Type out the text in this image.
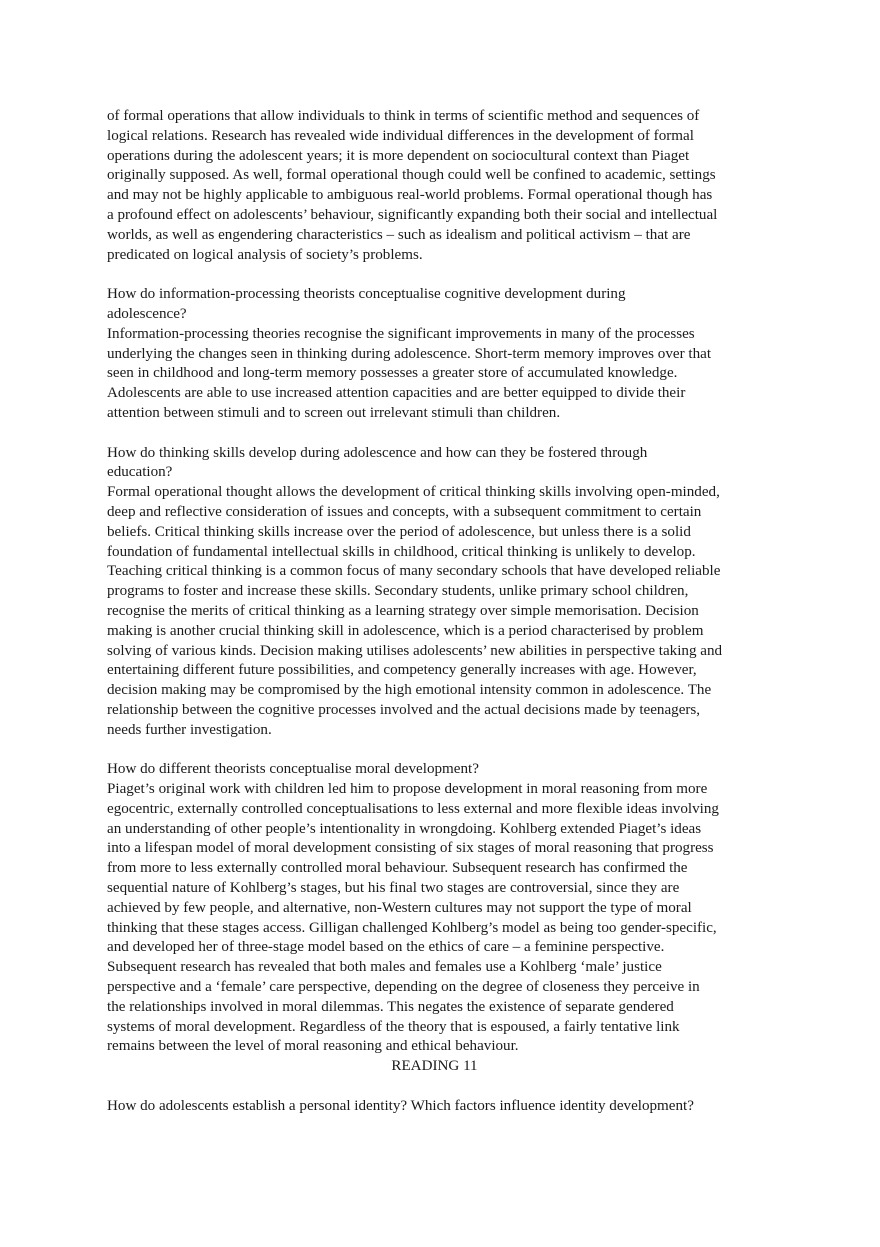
of formal operations that allow individuals to think in terms of scientific method and sequences of
logical relations. Research has revealed wide individual differences in the development of formal
operations during the adolescent years; it is more dependent on sociocultural context than Piaget
originally supposed. As well, formal operational though could well be confined to academic, settings
and may not be highly applicable to ambiguous real-world problems. Formal operational though has
a profound effect on adolescents’ behaviour, significantly expanding both their social and intellectual
worlds, as well as engendering characteristics – such as idealism and political activism – that are
predicated on logical analysis of society’s problems.
How do information-processing theorists conceptualise cognitive development during
adolescence?
Information-processing theories recognise the significant improvements in many of the processes
underlying the changes seen in thinking during adolescence. Short-term memory improves over that
seen in childhood and long-term memory possesses a greater store of accumulated knowledge.
Adolescents are able to use increased attention capacities and are better equipped to divide their
attention between stimuli and to screen out irrelevant stimuli than children.
How do thinking skills develop during adolescence and how can they be fostered through
education?
Formal operational thought allows the development of critical thinking skills involving open-minded,
deep and reflective consideration of issues and concepts, with a subsequent commitment to certain
beliefs. Critical thinking skills increase over the period of adolescence, but unless there is a solid
foundation of fundamental intellectual skills in childhood, critical thinking is unlikely to develop.
Teaching critical thinking is a common focus of many secondary schools that have developed reliable
programs to foster and increase these skills. Secondary students, unlike primary school children,
recognise the merits of critical thinking as a learning strategy over simple memorisation. Decision
making is another crucial thinking skill in adolescence, which is a period characterised by problem
solving of various kinds. Decision making utilises adolescents’ new abilities in perspective taking and
entertaining different future possibilities, and competency generally increases with age. However,
decision making may be compromised by the high emotional intensity common in adolescence. The
relationship between the cognitive processes involved and the actual decisions made by teenagers,
needs further investigation.
How do different theorists conceptualise moral development?
Piaget’s original work with children led him to propose development in moral reasoning from more
egocentric, externally controlled conceptualisations to less external and more flexible ideas involving
an understanding of other people’s intentionality in wrongdoing. Kohlberg extended Piaget’s ideas
into a lifespan model of moral development consisting of six stages of moral reasoning that progress
from more to less externally controlled moral behaviour. Subsequent research has confirmed the
sequential nature of Kohlberg’s stages, but his final two stages are controversial, since they are
achieved by few people, and alternative, non-Western cultures may not support the type of moral
thinking that these stages access. Gilligan challenged Kohlberg’s model as being too gender-specific,
and developed her of three-stage model based on the ethics of care – a feminine perspective.
Subsequent research has revealed that both males and females use a Kohlberg ‘male’ justice
perspective and a ‘female’ care perspective, depending on the degree of closeness they perceive in
the relationships involved in moral dilemmas. This negates the existence of separate gendered
systems of moral development. Regardless of the theory that is espoused, a fairly tentative link
remains between the level of moral reasoning and ethical behaviour.
READING 11
How do adolescents establish a personal identity? Which factors influence identity development?
